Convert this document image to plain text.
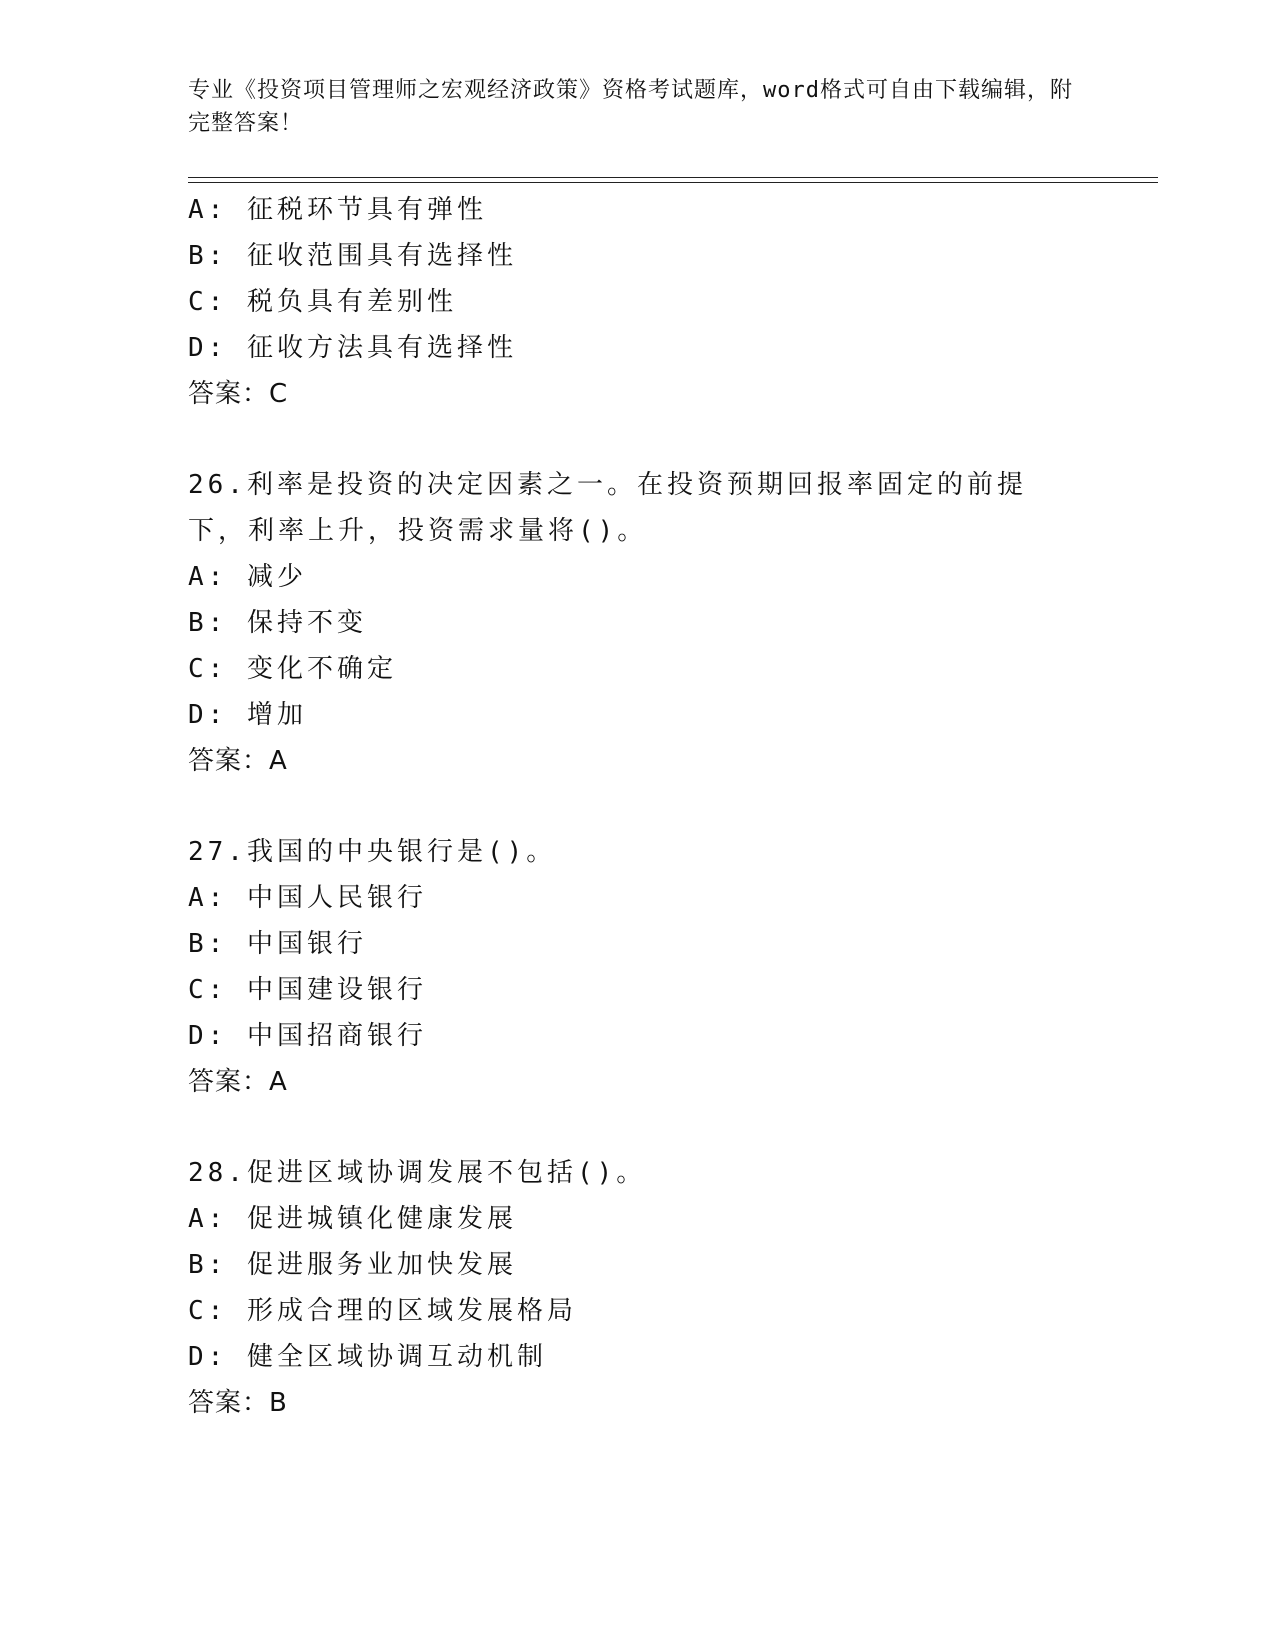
专业《投资项目管理师之宏观经济政策》资格考试题库，word格式可自由下载编辑，附完整答案！
A: 征税环节具有弹性
B: 征收范围具有选择性
C: 税负具有差别性
D: 征收方法具有选择性
答案：C
26.利率是投资的决定因素之一。在投资预期回报率固定的前提下，利率上升，投资需求量将()。
A: 减少
B: 保持不变
C: 变化不确定
D: 增加
答案：A
27.我国的中央银行是()。
A: 中国人民银行
B: 中国银行
C: 中国建设银行
D: 中国招商银行
答案：A
28.促进区域协调发展不包括()。
A: 促进城镇化健康发展
B: 促进服务业加快发展
C: 形成合理的区域发展格局
D: 健全区域协调互动机制
答案：B
